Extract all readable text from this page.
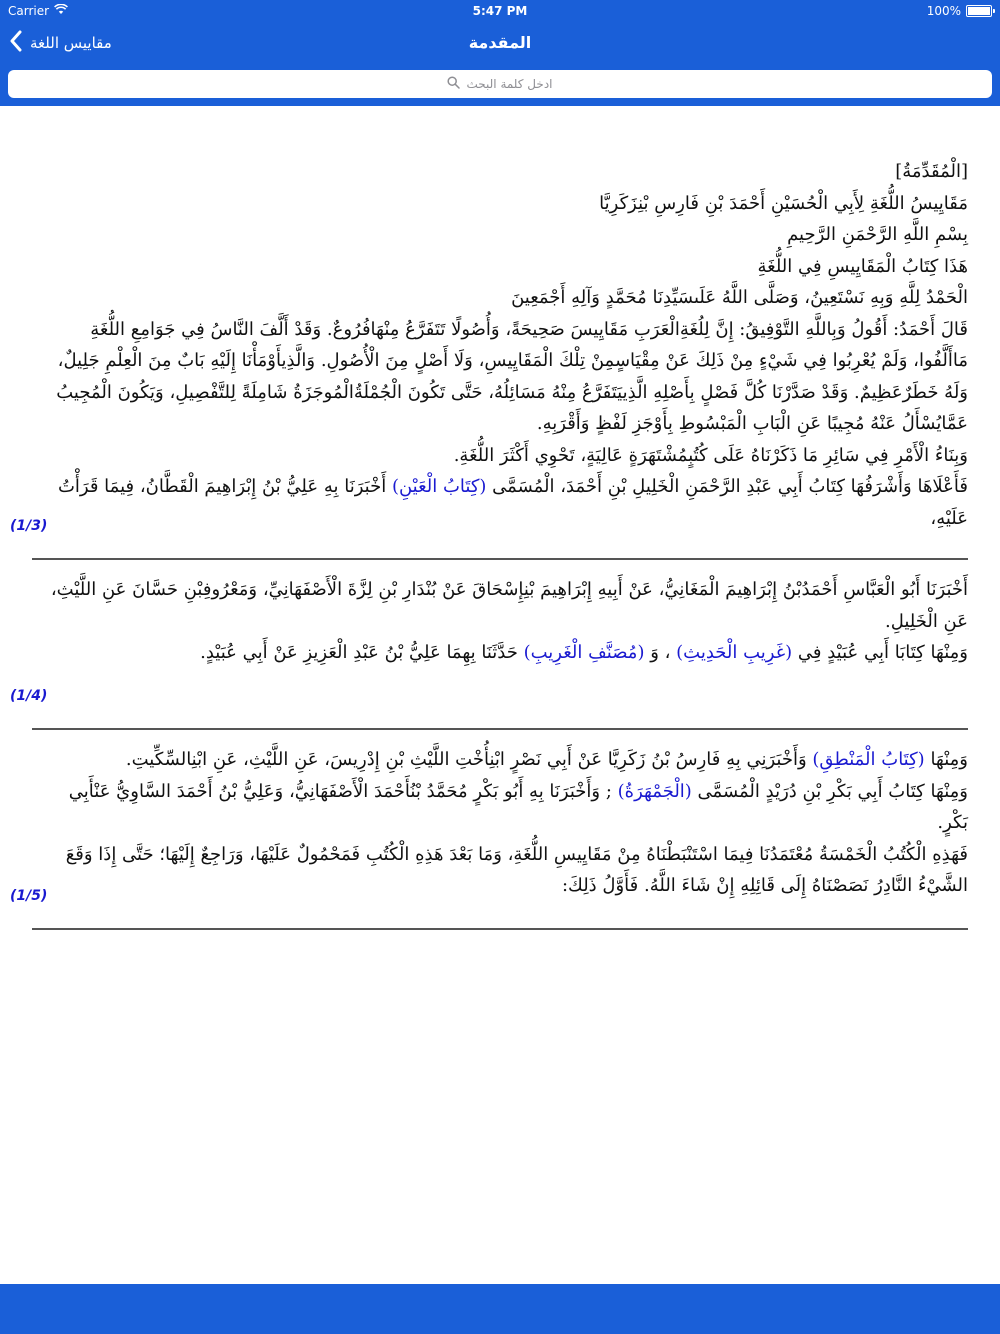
Carrier	5:47 PM	100%
مقاييس اللغة	المقدمة
ادخل كلمة البحث
[الْمُقَدِّمَةُ]
مَقَايِيسُ اللُّغَةِ لِأَبِي الْحُسَيْنِ أَحْمَدَ بْنِ فَارِسِ بْنِزَكَرِيَّا
بِسْمِ اللَّهِ الرَّحْمَنِ الرَّحِيمِ
هَذَا كِتَابُ الْمَقَايِيسِ فِي اللُّغَةِ
الْحَمْدُ لِلَّهِ وَبِهِ نَسْتَعِينُ، وَصَلَّى اللَّهُ عَلَىسَيِّدِنَا مُحَمَّدٍ وَآلِهِ أَجْمَعِينَ
قَالَ أَحْمَدُ: أَقُولُ وَبِاللَّهِ التَّوْفِيقُ: إِنَّ لِلُغَةِالْعَرَبِ مَقَايِيسَ صَحِيحَةً، وَأُصُولًا تَتَفَرَّعُ مِنْهَافُرُوعٌ. وَقَدْ أَلَّفَ النَّاسُ فِي جَوَامِعِ اللُّغَةِ مَاأَلَّفُوا، وَلَمْ يُعْرِبُوا فِي شَيْءٍ مِنْ ذَلِكَ عَنْ مِقْيَاسٍمِنْ تِلْكَ الْمَقَايِيسِ، وَلَا أَصْلٍ مِنَ الْأُصُولِ. وَالَّذِيأَوْمَأْنَا إِلَيْهِ بَابٌ مِنَ الْعِلْمِ جَلِيلٌ، وَلَهُ خَطَرٌعَظِيمٌ. وَقَدْ صَدَّرْنَا كُلَّ فَصْلٍ بِأَصْلِهِ الَّذِييَتَفَرَّعُ مِنْهُ مَسَائِلُهُ، حَتَّى تَكُونَ الْجُمْلَةُالْمُوجَزَةُ شَامِلَةً لِلتَّفْصِيلِ، وَيَكُونَ الْمُجِيبُ عَمَّايُسْأَلُ عَنْهُ مُجِيبًا عَنِ الْبَابِ الْمَبْسُوطِ بِأَوْجَزِ لَفْظٍ وَأَقْرَبِهِ.
وَبِنَاءُ الْأَمْرِ فِي سَائِرِ مَا ذَكَرْنَاهُ عَلَى كُتُبٍمُشْتَهَرَةٍ عَالِيَةٍ، تَحْوِي أَكْثَرَ اللُّغَةِ.
فَأَعْلَاهَا وَأَشْرَفُهَا كِتَابُ أَبِي عَبْدِ الرَّحْمَنِ الْخَلِيلِ بْنِ أَحْمَدَ، الْمُسَمَّى (كِتَابُ الْعَيْنِ) أَخْبَرَنَا بِهِ عَلِيُّ بْنُ إِبْرَاهِيمَ الْقَطَّانُ، فِيمَا قَرَأْتُ عَلَيْهِ،
(1/3)
أَخْبَرَنَا أَبُو الْعَبَّاسِ أَحْمَدُبْنُ إِبْرَاهِيمَ الْمَغَانِيُّ، عَنْ أَبِيهِ إِبْرَاهِيمَ بْنِإِسْحَاقَ عَنْ بُنْدَارِ بْنِ لِزَّةَ الْأَصْفَهَانِيِّ، وَمَعْرُوفِبْنِ حَسَّانَ عَنِ اللَّيْثِ، عَنِ الْخَلِيلِ.
وَمِنْهَا كِتَابَا أَبِي عُبَيْدٍ فِي (غَرِيبِ الْحَدِيثِ) ، وَ (مُصَنَّفِ الْغَرِيبِ) حَدَّثَنَا بِهِمَا عَلِيُّ بْنُ عَبْدِ الْعَزِيزِ عَنْ أَبِي عُبَيْدٍ.
(1/4)
وَمِنْهَا (كِتَابُ الْمَنْطِقِ) وَأَخْبَرَنِي بِهِ فَارِسُ بْنُ زَكَرِيَّا عَنْ أَبِي نَصْرٍ ابْنِأُخْتِ اللَّيْثِ بْنِ إِدْرِيسَ، عَنِ اللَّيْثِ، عَنِ ابْنِالسِّكِّيتِ.
وَمِنْهَا كِتَابُ أَبِي بَكْرِ بْنِ دُرَيْدٍ الْمُسَمَّى (الْجَمْهَرَةُ) ; وَأَخْبَرَنَا بِهِ أَبُو بَكْرٍ مُحَمَّدُ بْنُأَحْمَدَ الْأَصْفَهَانِيُّ، وَعَلِيُّ بْنُ أَحْمَدَ السَّاوِيُّ عَنْأَبِي بَكْرٍ.
فَهَذِهِ الْكُتُبُ الْخَمْسَةُ مُعْتَمَدُنَا فِيمَا اسْتَنْبَطْنَاهُ مِنْ مَقَايِيسِ اللُّغَةِ، وَمَا بَعْدَ هَذِهِ الْكُتُبِ فَمَحْمُولٌ عَلَيْهَا، وَرَاجِعٌ إِلَيْهَا؛ حَتَّى إِذَا وَقَعَ الشَّيْءُ النَّادِرُ نَصَصْنَاهُ إِلَى قَائِلِهِ إِنْ شَاءَ اللَّهُ. فَأَوَّلُ ذَلِكَ:
(1/5)
